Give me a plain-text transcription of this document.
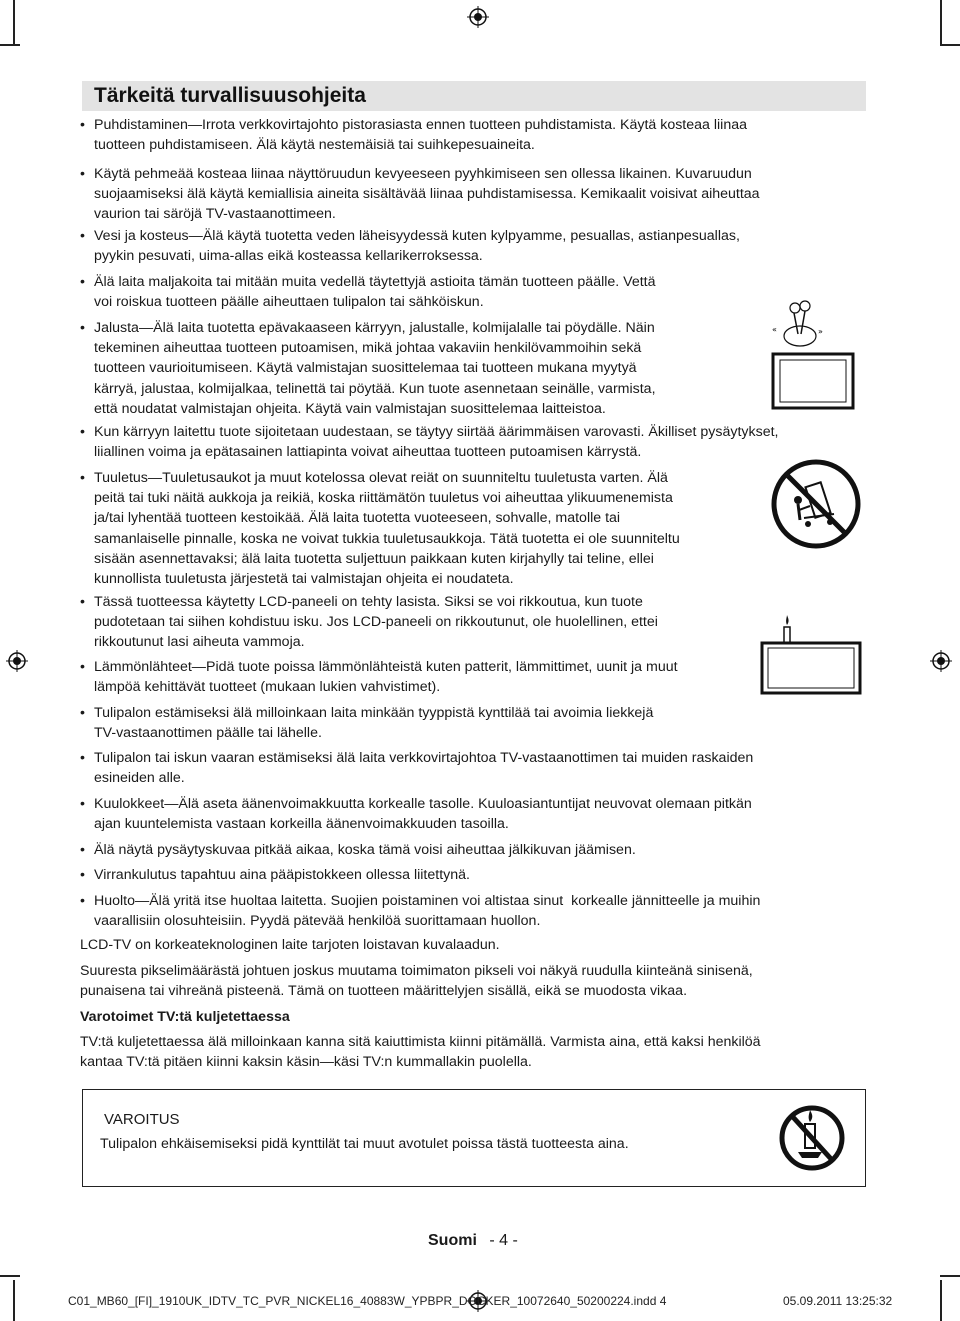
Tärkeitä turvallisuusohjeita
• Puhdistaminen—Irrota verkkovirtajohto pistorasiasta ennen tuotteen puhdistamista. Käytä kosteaa liinaa
tuotteen puhdistamiseen. Älä käytä nestemäisiä tai suihkepesuaineita.
• Käytä pehmeää kosteaa liinaa näyttöruudun kevyeeseen pyyhkimiseen sen ollessa likainen. Kuvaruudun
suojaamiseksi älä käytä kemiallisia aineita sisältävää liinaa puhdistamisessa. Kemikaalit voisivat aiheuttaa
vaurion tai säröjä TV-vastaanottimeen.
• Vesi ja kosteus—Älä käytä tuotetta veden läheisyydessä kuten kylpyamme, pesuallas, astianpesuallas,
pyykin pesuvati, uima-allas eikä kosteassa kellarikerroksessa.
• Älä laita maljakoita tai mitään muita vedellä täytettyjä astioita tämän tuotteen päälle. Vettä
voi roiskua tuotteen päälle aiheuttaen tulipalon tai sähköiskun.
• Jalusta—Älä laita tuotetta epävakaaseen kärryyn, jalustalle, kolmijalalle tai pöydälle. Näin
tekeminen aiheuttaa tuotteen putoamisen, mikä johtaa vakaviin henkilövammoihin sekä
tuotteen vaurioitumiseen. Käytä valmistajan suosittelemaa tai tuotteen mukana myytyä
kärryä, jalustaa, kolmijalkaa, telinettä tai pöytää. Kun tuote asennetaan seinälle, varmista,
että noudatat valmistajan ohjeita. Käytä vain valmistajan suosittelemaa laitteistoa.
• Kun kärryyn laitettu tuote sijoitetaan uudestaan, se täytyy siirtää äärimmäisen varovasti. Äkilliset pysäytykset,
liiallinen voima ja epätasainen lattiapinta voivat aiheuttaa tuotteen putoamisen kärrystä.
• Tuuletus—Tuuletusaukot ja muut kotelossa olevat reiät on suunniteltu tuuletusta varten. Älä
peitä tai tuki näitä aukkoja ja reikiä, koska riittämätön tuuletus voi aiheuttaa ylikuumenemista
ja/tai lyhentää tuotteen kestoikää. Älä laita tuotetta vuoteeseen, sohvalle, matolle tai
samanlaiselle pinnalle, koska ne voivat tukkia tuuletusaukkoja. Tätä tuotetta ei ole suunniteltu
sisään asennettavaksi; älä laita tuotetta suljettuun paikkaan kuten kirjahylly tai teline, ellei
kunnollista tuuletusta järjestetä tai valmistajan ohjeita ei noudateta.
• Tässä tuotteessa käytetty LCD-paneeli on tehty lasista. Siksi se voi rikkoutua, kun tuote
pudotetaan tai siihen kohdistuu isku. Jos LCD-paneeli on rikkoutunut, ole huolellinen, ettei
rikkoutunut lasi aiheuta vammoja.
• Lämmönlähteet—Pidä tuote poissa lämmönlähteistä kuten patterit, lämmittimet, uunit ja muut
lämpöä kehittävät tuotteet (mukaan lukien vahvistimet).
• Tulipalon estämiseksi älä milloinkaan laita minkään tyyppistä kynttilää tai avoimia liekkejä
TV-vastaanottimen päälle tai lähelle.
• Tulipalon tai iskun vaaran estämiseksi älä laita verkkovirtajohtoa TV-vastaanottimen tai muiden raskaiden
esineiden alle.
• Kuulokkeet—Älä aseta äänenvoimakkuutta korkealle tasolle. Kuuloasiantuntijat neuvovat olemaan pitkän
ajan kuuntelemista vastaan korkeilla äänenvoimakkuuden tasoilla.
• Älä näytä pysäytyskuvaa pitkää aikaa, koska tämä voisi aiheuttaa jälkikuvan jäämisen.
• Virrankulutus tapahtuu aina pääpistokkeen ollessa liitettynä.
• Huolto—Älä yritä itse huoltaa laitetta. Suojien poistaminen voi altistaa sinut  korkealle jännitteelle ja muihin
vaarallisiin olosuhteisiin. Pyydä pätevää henkilöä suorittamaan huollon.
LCD-TV on korkeateknologinen laite tarjoten loistavan kuvalaadun.
Suuresta pikselimäärästä johtuen joskus muutama toimimaton pikseli voi näkyä ruudulla kiinteänä sinisenä,
punaisena tai vihreänä pisteenä. Tämä on tuotteen määrittelyjen sisällä, eikä se muodosta vikaa.
Varotoimet TV:tä kuljetettaessa
TV:tä kuljetettaessa älä milloinkaan kanna sitä kaiuttimista kiinni pitämällä. Varmista aina, että kaksi henkilöä
kantaa TV:tä pitäen kiinni kaksin käsin—käsi TV:n kummallakin puolella.
VAROITUS
Tulipalon ehkäisemiseksi pidä kynttilät tai muut avotulet poissa tästä tuotteesta aina.
«	»
Suomi - 4 -
C01_MB60_[FI]_1910UK_IDTV_TC_PVR_NICKEL16_40883W_YPBPR_DOCKER_10072640_50200224.indd 4	05.09.2011 13:25:32
